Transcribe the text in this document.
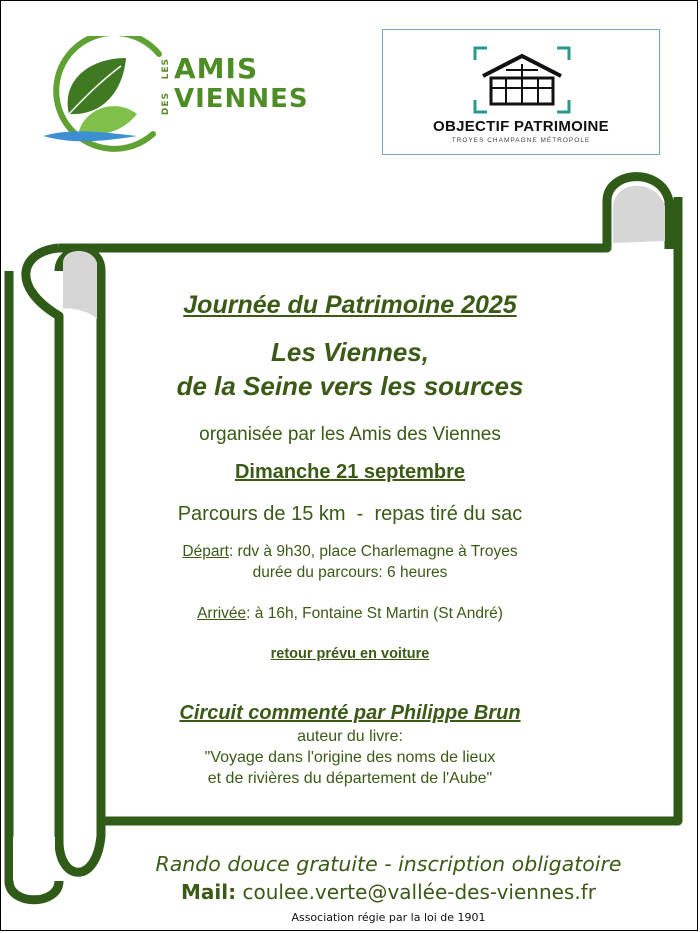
LES AMIS
DES VIENNES
OBJECTIF PATRIMOINE
TROYES CHAMPAGNE MÉTROPOLE
Journée du Patrimoine 2025
Les Viennes,
de la Seine vers les sources
organisée par les Amis des Viennes
Dimanche 21 septembre
Parcours de 15 km  -  repas tiré du sac
Départ: rdv à 9h30, place Charlemagne à Troyes
durée du parcours: 6 heures
Arrivée: à 16h, Fontaine St Martin (St André)
retour prévu en voiture
Circuit commenté par Philippe Brun
auteur du livre:
"Voyage dans l'origine des noms de lieux
et de rivières du département de l'Aube"
Rando douce gratuite - inscription obligatoire
Mail: coulee.verte@vallée-des-viennes.fr
Association régie par la loi de 1901
